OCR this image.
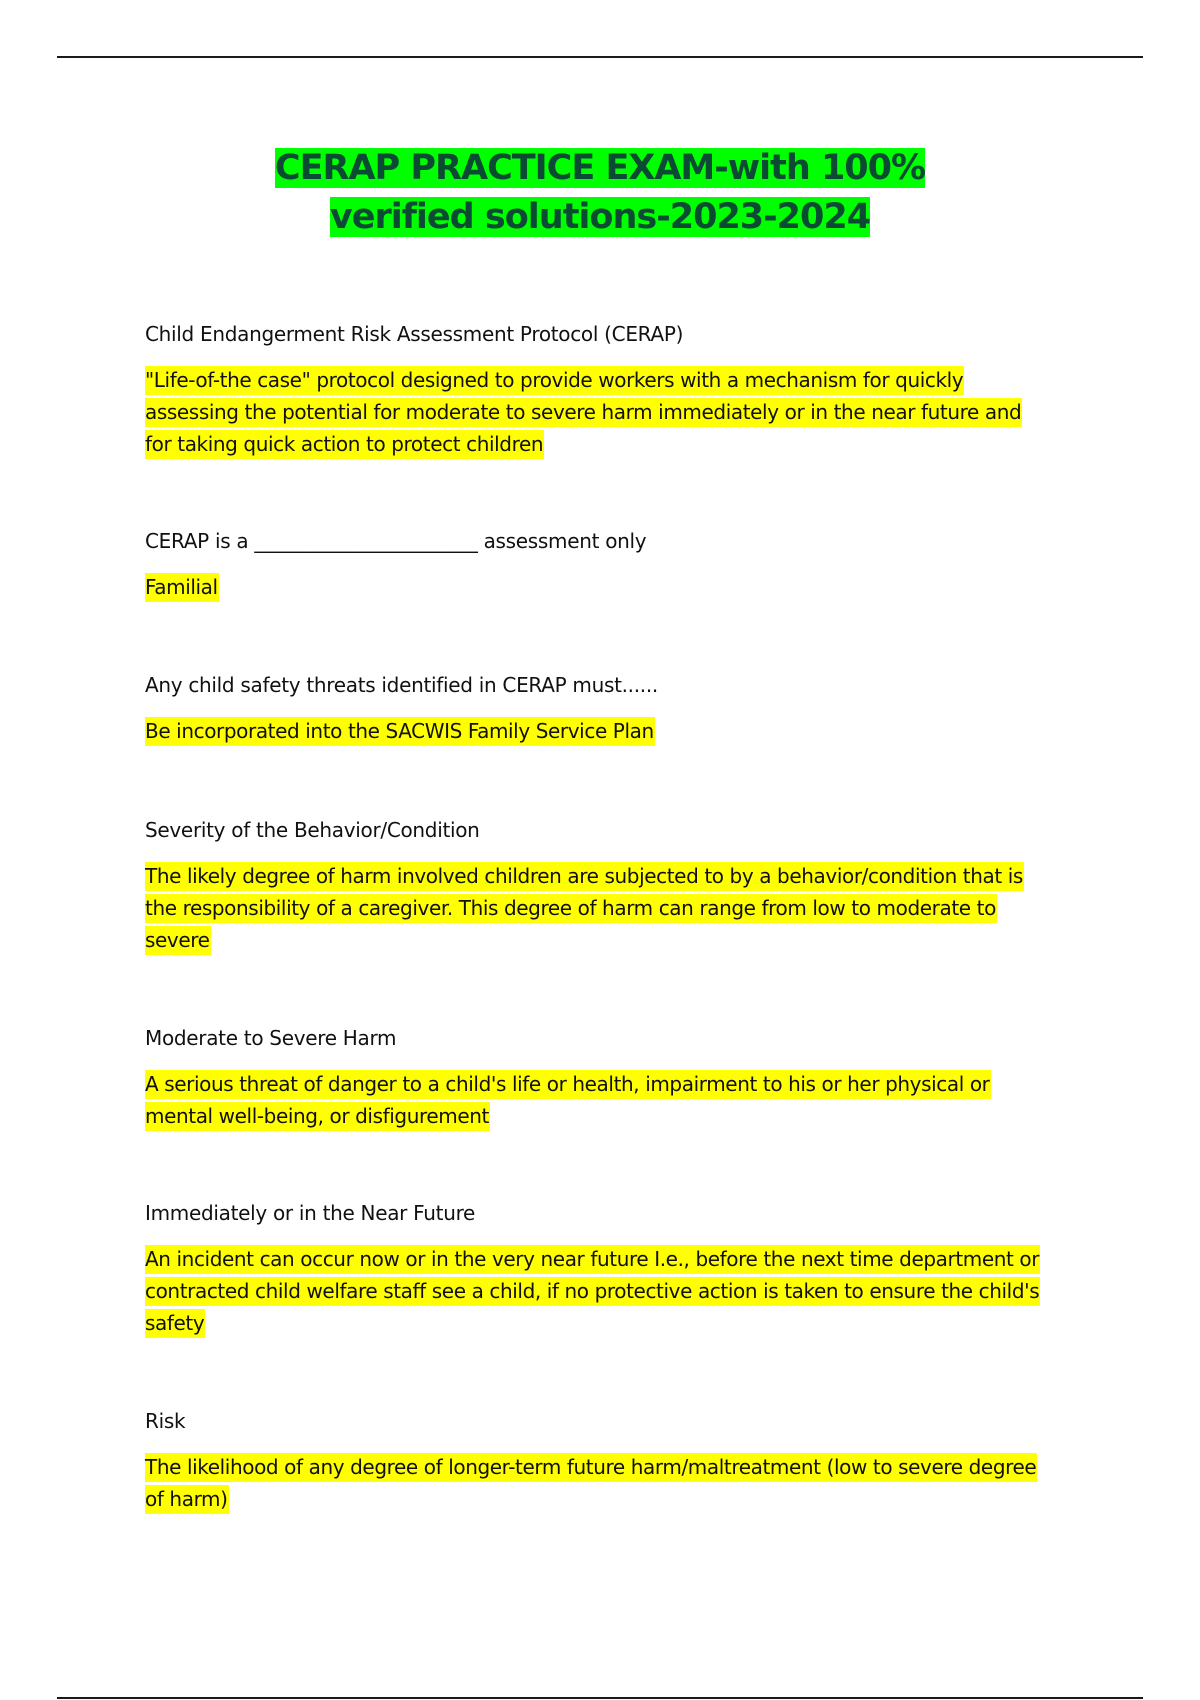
CERAP PRACTICE EXAM-with 100% verified solutions-2023-2024

Child Endangerment Risk Assessment Protocol (CERAP)

"Life-of-the case" protocol designed to provide workers with a mechanism for quickly assessing the potential for moderate to severe harm immediately or in the near future and for taking quick action to protect children

CERAP is a _______________________ assessment only

Familial

Any child safety threats identified in CERAP must......

Be incorporated into the SACWIS Family Service Plan

Severity of the Behavior/Condition

The likely degree of harm involved children are subjected to by a behavior/condition that is the responsibility of a caregiver. This degree of harm can range from low to moderate to severe

Moderate to Severe Harm

A serious threat of danger to a child's life or health, impairment to his or her physical or mental well-being, or disfigurement

Immediately or in the Near Future

An incident can occur now or in the very near future I.e., before the next time department or contracted child welfare staff see a child, if no protective action is taken to ensure the child's safety

Risk

The likelihood of any degree of longer-term future harm/maltreatment (low to severe degree of harm)
